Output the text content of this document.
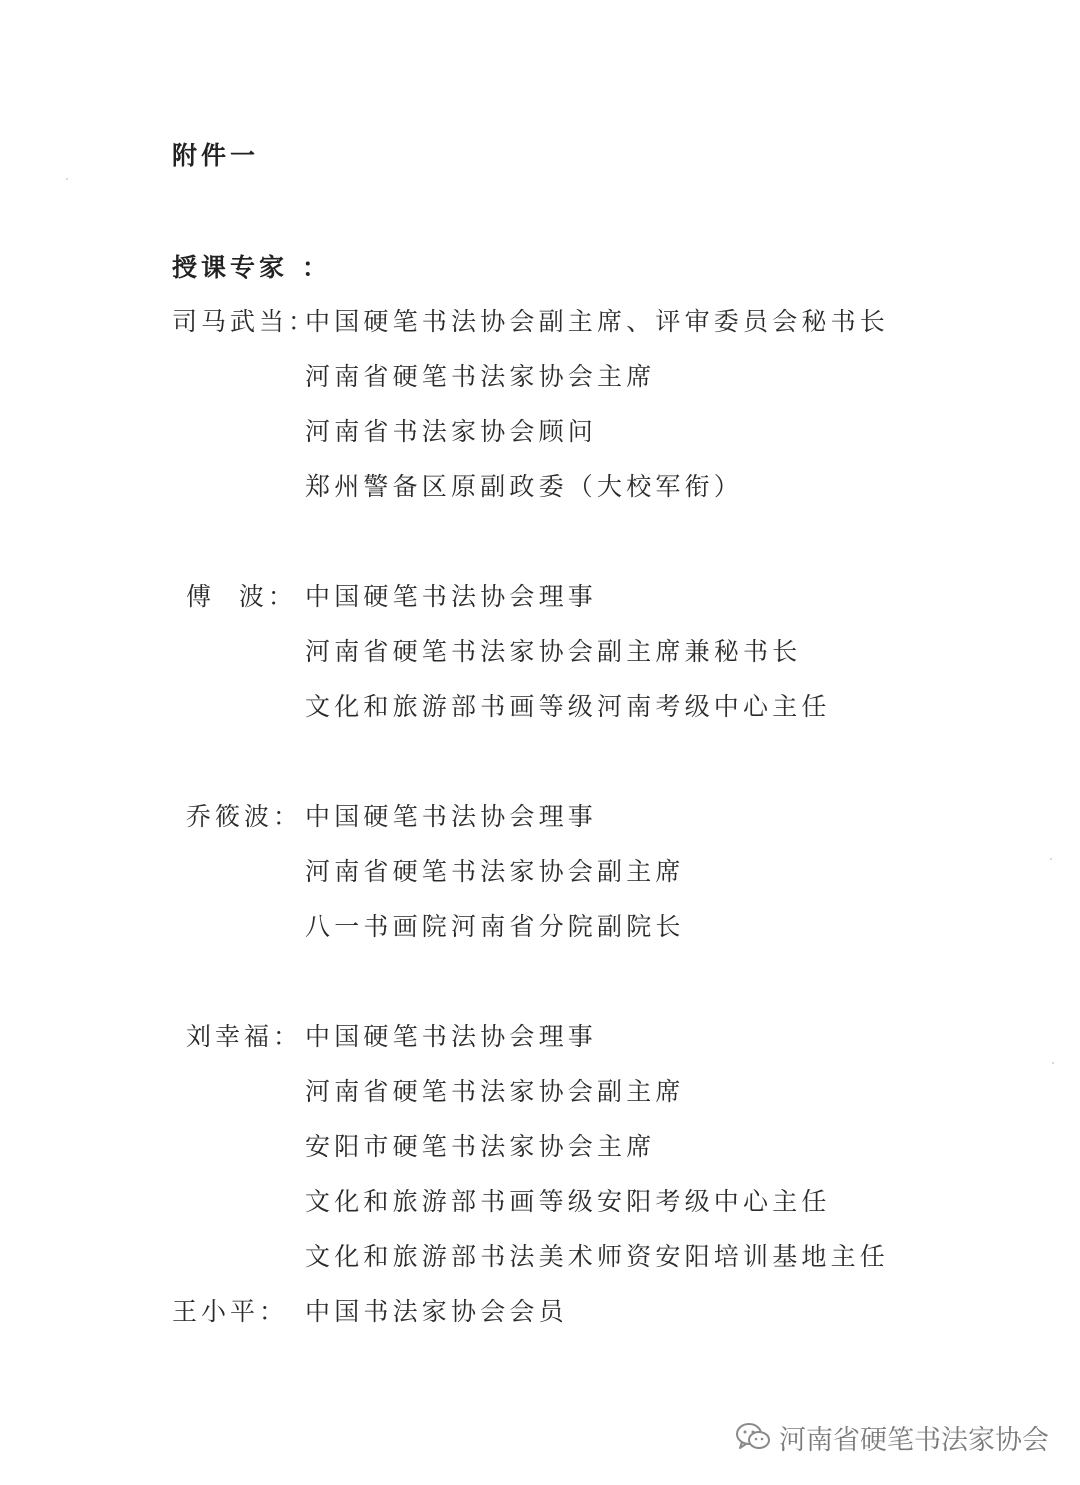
附件一
授课专家 ：
司马武当：
中国硬笔书法协会副主席、评审委员会秘书长
河南省硬笔书法家协会主席
河南省书法家协会顾问
郑州警备区原副政委（大校军衔）
傅  波： 中国硬笔书法协会理事
河南省硬笔书法家协会副主席兼秘书长
文化和旅游部书画等级河南考级中心主任
乔筱波： 中国硬笔书法协会理事
河南省硬笔书法家协会副主席
八一书画院河南省分院副院长
刘幸福： 中国硬笔书法协会理事
河南省硬笔书法家协会副主席
安阳市硬笔书法家协会主席
文化和旅游部书画等级安阳考级中心主任
文化和旅游部书法美术师资安阳培训基地主任
王小平： 中国书法家协会会员
河南省硬笔书法家协会
